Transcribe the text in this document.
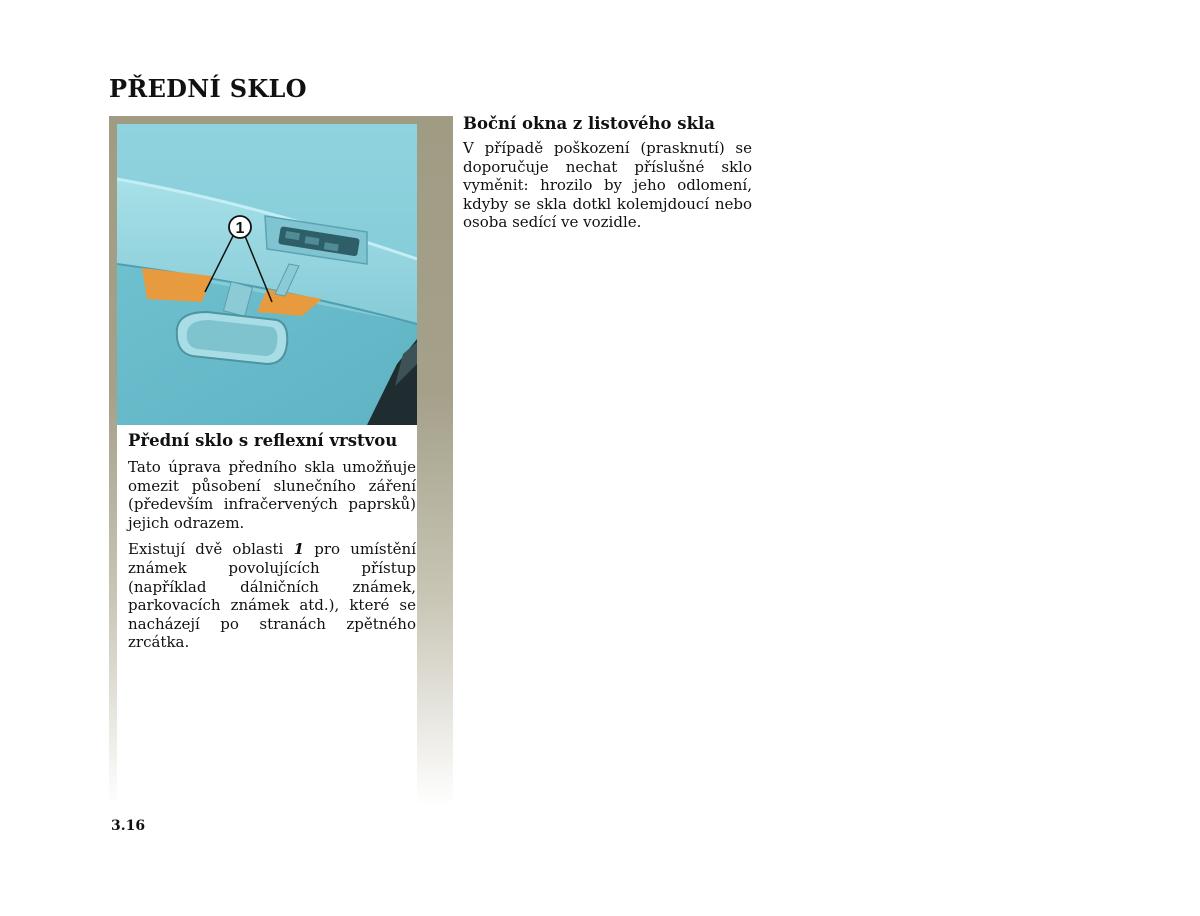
PŘEDNÍ SKLO
1
Přední sklo s reflexní vrstvou

Tato úprava předního skla umožňuje omezit působení slunečního záření (především infračervených paprsků) jejich odrazem.

Existují dvě oblasti 1 pro umístění známek povolujících přístup (například dálničních známek, parkovacích známek atd.), které se nacházejí po stranách zpětného zrcátka.

Boční okna z listového skla

V případě poškození (prasknutí) se doporučuje nechat příslušné sklo vyměnit: hrozilo by jeho odlomení, kdyby se skla dotkl kolemjdoucí nebo osoba sedící ve vozidle.

3.16
